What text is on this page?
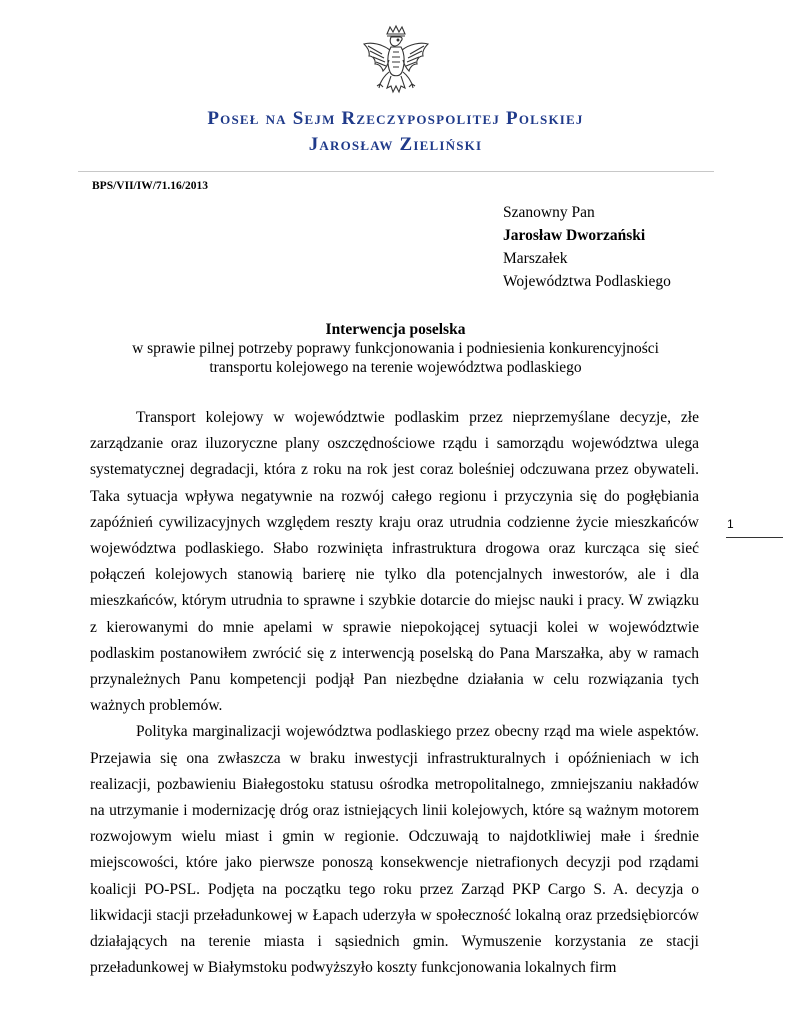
Poseł na Sejm Rzeczypospolitej Polskiej
Jarosław Zieliński
BPS/VII/IW/71.16/2013
Szanowny Pan
Jarosław Dworzański
Marszałek
Województwa Podlaskiego
Interwencja poselska
w sprawie pilnej potrzeby poprawy funkcjonowania i podniesienia konkurencyjności
transportu kolejowego na terenie województwa podlaskiego

Transport kolejowy w województwie podlaskim przez nieprzemyślane decyzje, złe zarządzanie oraz iluzoryczne plany oszczędnościowe rządu i samorządu województwa ulega systematycznej degradacji, która z roku na rok jest coraz boleśniej odczuwana przez obywateli. Taka sytuacja wpływa negatywnie na rozwój całego regionu i przyczynia się do pogłębiania zapóźnień cywilizacyjnych względem reszty kraju oraz utrudnia codzienne życie mieszkańców województwa podlaskiego. Słabo rozwinięta infrastruktura drogowa oraz kurcząca się sieć połączeń kolejowych stanowią barierę nie tylko dla potencjalnych inwestorów, ale i dla mieszkańców, którym utrudnia to sprawne i szybkie dotarcie do miejsc nauki i pracy. W związku z kierowanymi do mnie apelami w sprawie niepokojącej sytuacji kolei w województwie podlaskim postanowiłem zwrócić się z interwencją poselską do Pana Marszałka, aby w ramach przynależnych Panu kompetencji podjął Pan niezbędne działania w celu rozwiązania tych ważnych problemów.

Polityka marginalizacji województwa podlaskiego przez obecny rząd ma wiele aspektów. Przejawia się ona zwłaszcza w braku inwestycji infrastrukturalnych i opóźnieniach w ich realizacji, pozbawieniu Białegostoku statusu ośrodka metropolitalnego, zmniejszaniu nakładów na utrzymanie i modernizację dróg oraz istniejących linii kolejowych, które są ważnym motorem rozwojowym wielu miast i gmin w regionie. Odczuwają to najdotkliwiej małe i średnie miejscowości, które jako pierwsze ponoszą konsekwencje nietrafionych decyzji pod rządami koalicji PO-PSL. Podjęta na początku tego roku przez Zarząd PKP Cargo S. A. decyzja o likwidacji stacji przeładunkowej w Łapach uderzyła w społeczność lokalną oraz przedsiębiorców działających na terenie miasta i sąsiednich gmin. Wymuszenie korzystania ze stacji przeładunkowej w Białymstoku podwyższyło koszty funkcjonowania lokalnych firm

1
